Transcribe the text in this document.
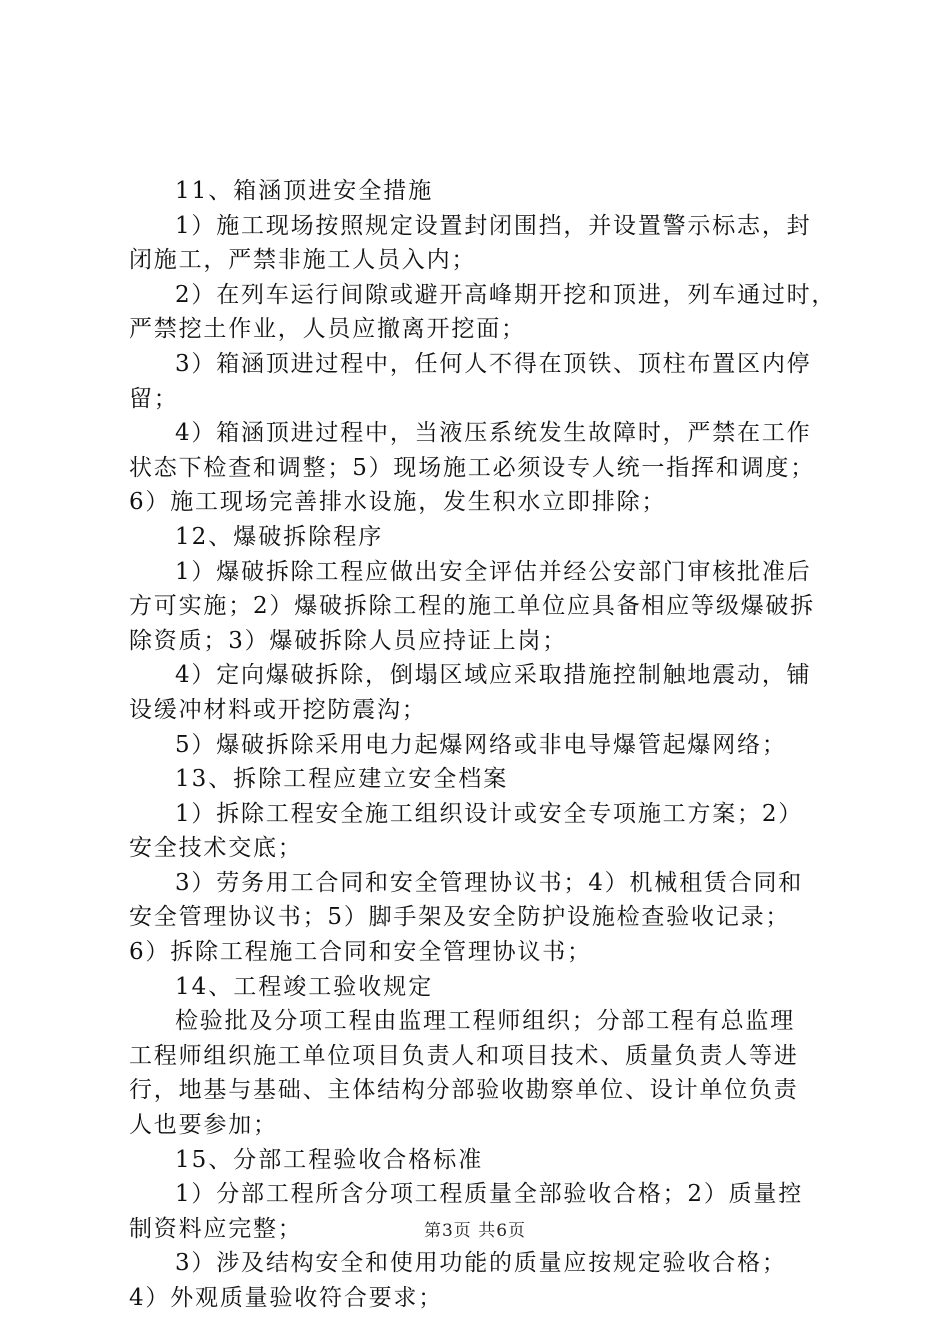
11、箱涵顶进安全措施
1）施工现场按照规定设置封闭围挡，并设置警示标志，封
闭施工，严禁非施工人员入内；
2）在列车运行间隙或避开高峰期开挖和顶进，列车通过时，
严禁挖土作业，人员应撤离开挖面；
3）箱涵顶进过程中，任何人不得在顶铁、顶柱布置区内停
留；
4）箱涵顶进过程中，当液压系统发生故障时，严禁在工作
状态下检查和调整；5）现场施工必须设专人统一指挥和调度；
6）施工现场完善排水设施，发生积水立即排除；
12、爆破拆除程序
1）爆破拆除工程应做出安全评估并经公安部门审核批准后
方可实施；2）爆破拆除工程的施工单位应具备相应等级爆破拆
除资质；3）爆破拆除人员应持证上岗；
4）定向爆破拆除，倒塌区域应采取措施控制触地震动，铺
设缓冲材料或开挖防震沟；
5）爆破拆除采用电力起爆网络或非电导爆管起爆网络；
13、拆除工程应建立安全档案
1）拆除工程安全施工组织设计或安全专项施工方案；2）
安全技术交底；
3）劳务用工合同和安全管理协议书；4）机械租赁合同和
安全管理协议书；5）脚手架及安全防护设施检查验收记录；
6）拆除工程施工合同和安全管理协议书；
14、工程竣工验收规定
检验批及分项工程由监理工程师组织；分部工程有总监理
工程师组织施工单位项目负责人和项目技术、质量负责人等进
行，地基与基础、主体结构分部验收勘察单位、设计单位负责
人也要参加；
15、分部工程验收合格标准
1）分部工程所含分项工程质量全部验收合格；2）质量控
制资料应完整；
3）涉及结构安全和使用功能的质量应按规定验收合格；
4）外观质量验收符合要求；
第3页 共6页
